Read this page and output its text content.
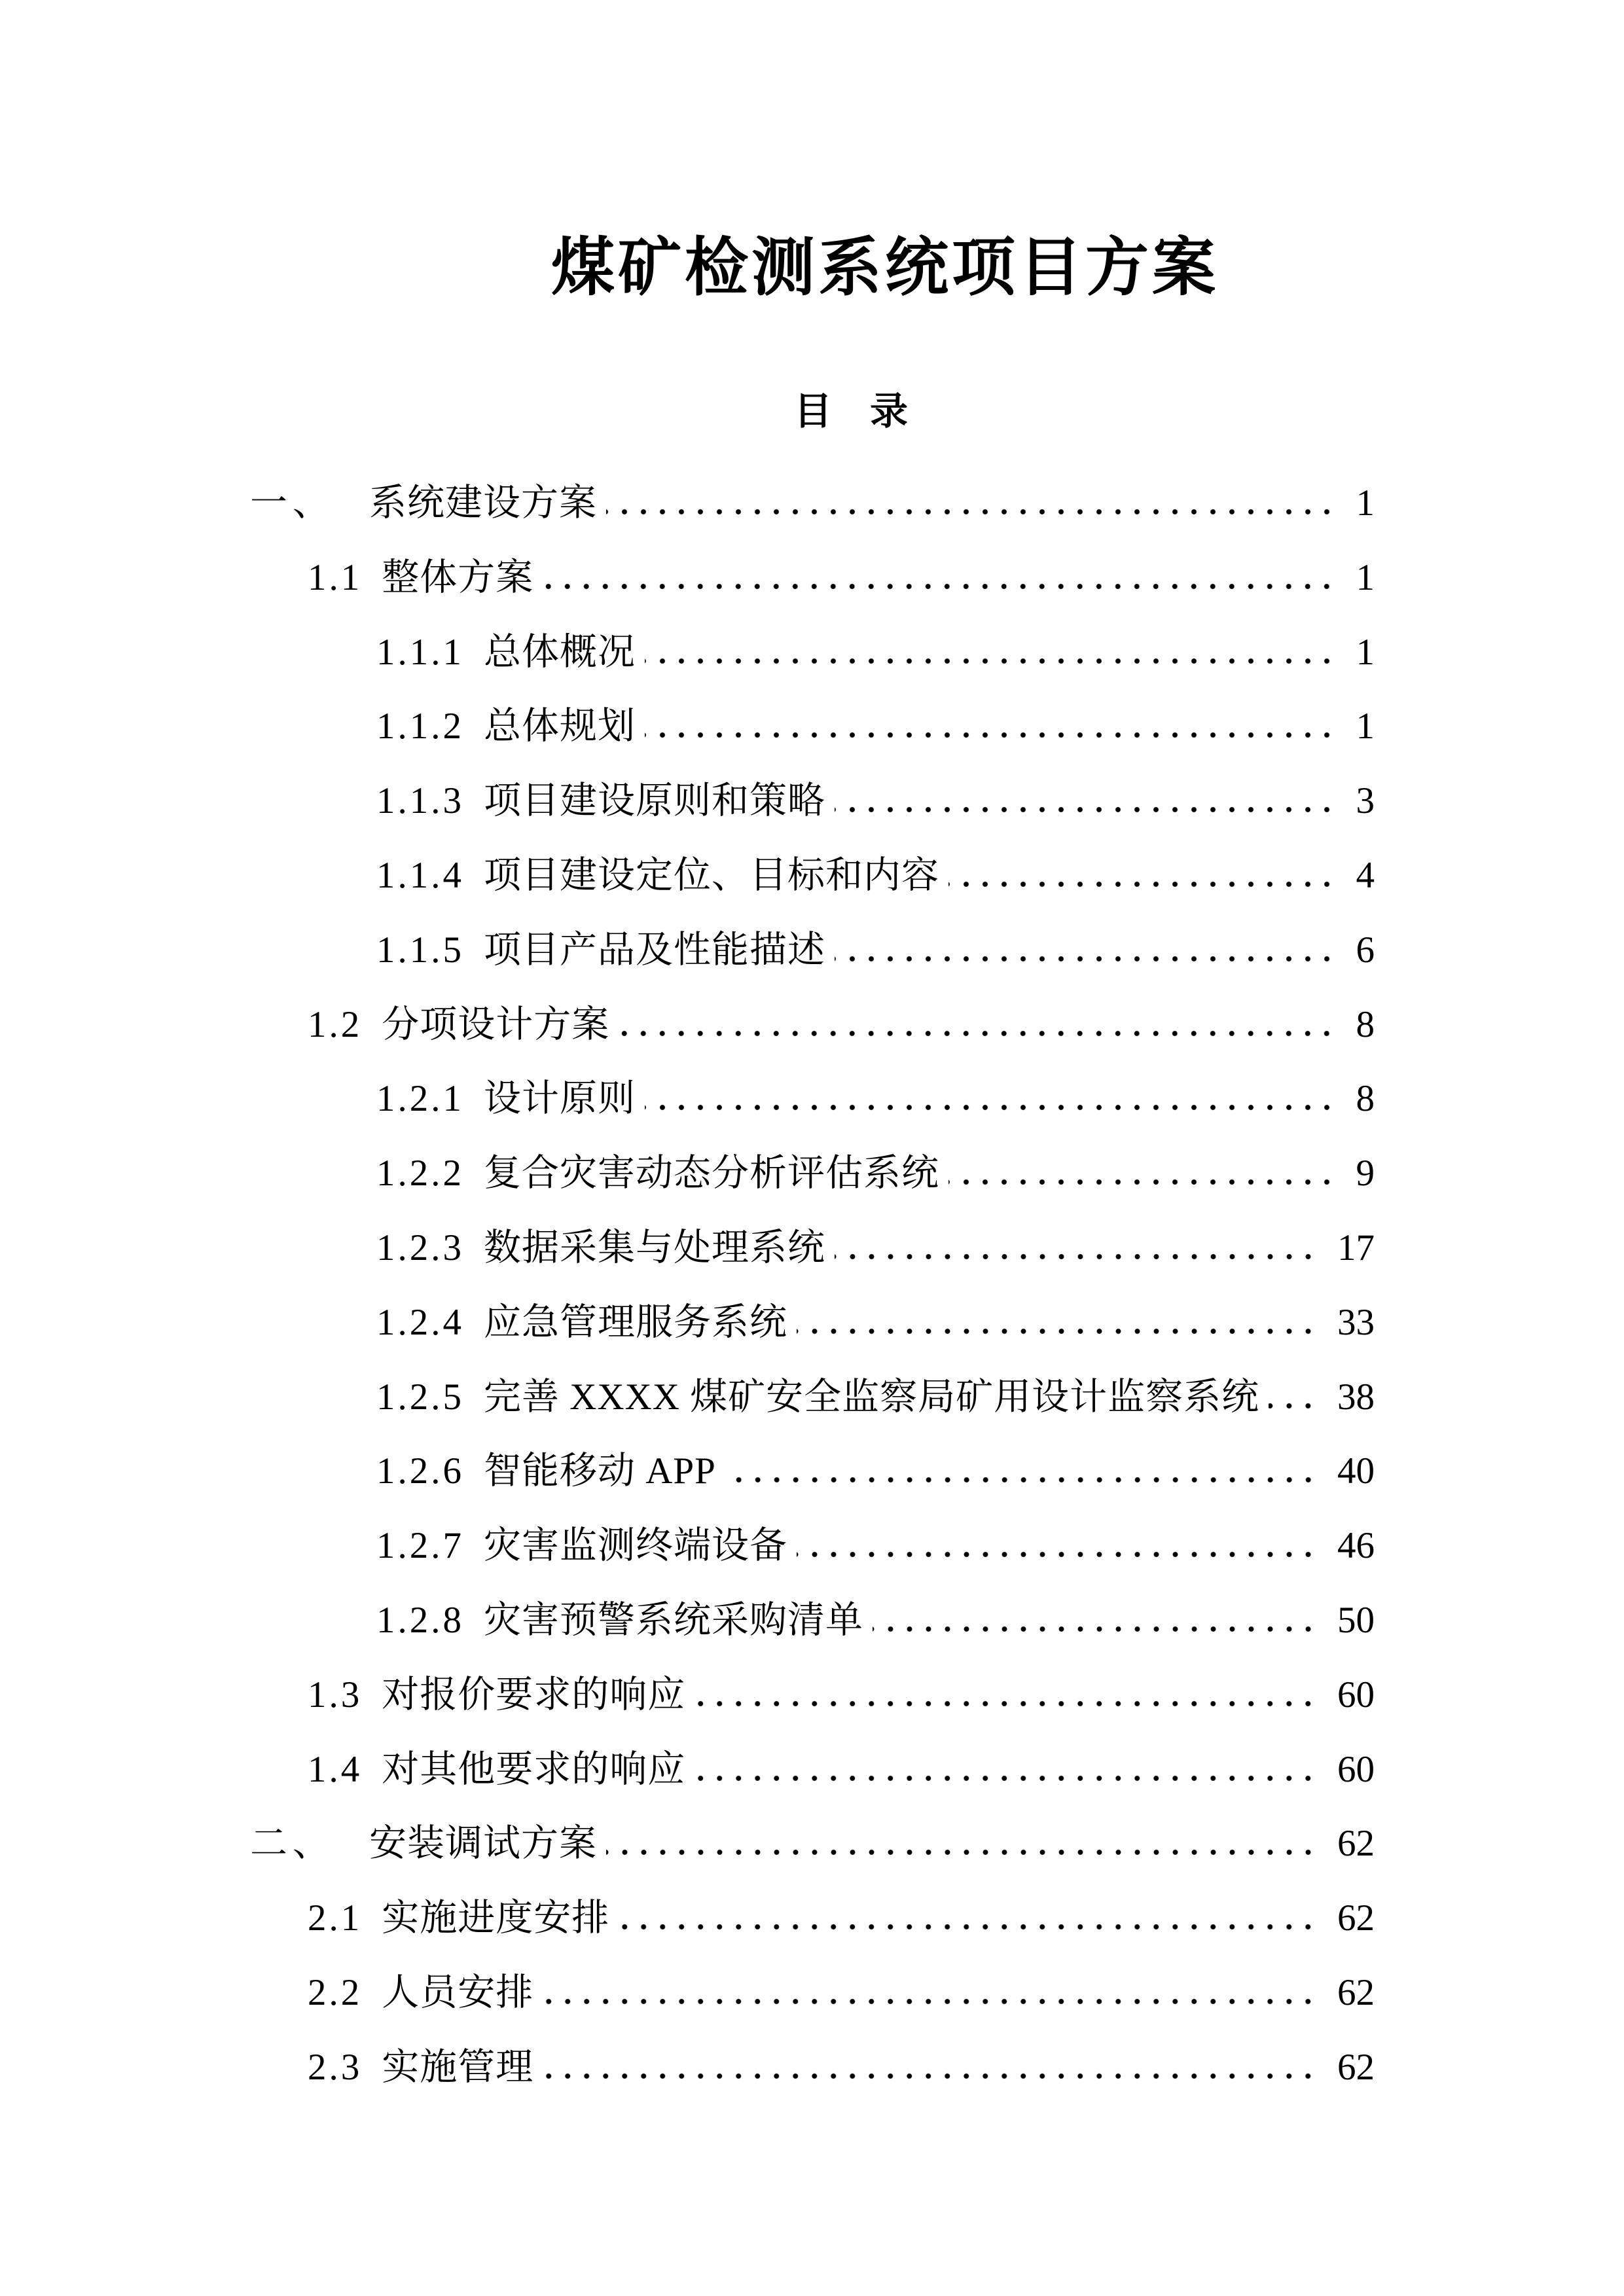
煤矿检测系统项目方案
目　录
一、 系统建设方案	1
1.1 整体方案	1
1.1.1 总体概况	1
1.1.2 总体规划	1
1.1.3 项目建设原则和策略	3
1.1.4 项目建设定位、目标和内容	4
1.1.5 项目产品及性能描述	6
1.2 分项设计方案	8
1.2.1 设计原则	8
1.2.2 复合灾害动态分析评估系统	9
1.2.3 数据采集与处理系统	17
1.2.4 应急管理服务系统	33
1.2.5 完善 XXXX 煤矿安全监察局矿用设计监察系统 38
1.2.6 智能移动 APP	40
1.2.7 灾害监测终端设备	46
1.2.8 灾害预警系统采购清单	50
1.3 对报价要求的响应	60
1.4 对其他要求的响应	60
二、 安装调试方案	62
2.1 实施进度安排	62
2.2 人员安排	62
2.3 实施管理	62
